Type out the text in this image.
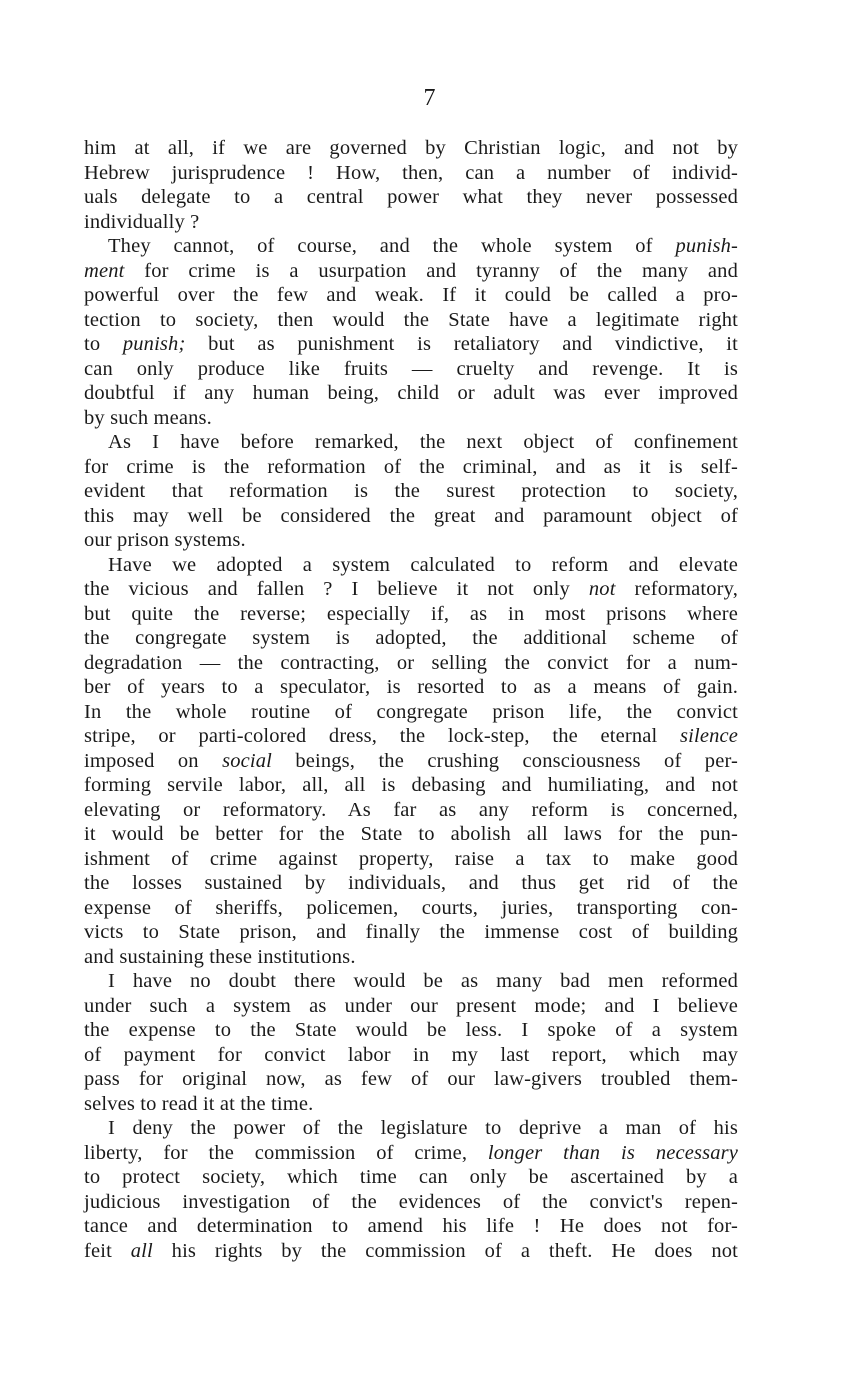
7

him at all, if we are governed by Christian logic, and not by
Hebrew jurisprudence ! How, then, can a number of individ-
uals delegate to a central power what they never possessed
individually ?

They cannot, of course, and the whole system of punish-
ment for crime is a usurpation and tyranny of the many and
powerful over the few and weak. If it could be called a pro-
tection to society, then would the State have a legitimate right
to punish; but as punishment is retaliatory and vindictive, it
can only produce like fruits — cruelty and revenge. It is
doubtful if any human being, child or adult was ever improved
by such means.

As I have before remarked, the next object of confinement
for crime is the reformation of the criminal, and as it is self-
evident that reformation is the surest protection to society,
this may well be considered the great and paramount object of
our prison systems.

Have we adopted a system calculated to reform and elevate
the vicious and fallen ? I believe it not only not reformatory,
but quite the reverse; especially if, as in most prisons where
the congregate system is adopted, the additional scheme of
degradation — the contracting, or selling the convict for a num-
ber of years to a speculator, is resorted to as a means of gain.
In the whole routine of congregate prison life, the convict
stripe, or parti-colored dress, the lock-step, the eternal silence
imposed on social beings, the crushing consciousness of per-
forming servile labor, all, all is debasing and humiliating, and not
elevating or reformatory. As far as any reform is concerned,
it would be better for the State to abolish all laws for the pun-
ishment of crime against property, raise a tax to make good
the losses sustained by individuals, and thus get rid of the
expense of sheriffs, policemen, courts, juries, transporting con-
victs to State prison, and finally the immense cost of building
and sustaining these institutions.

I have no doubt there would be as many bad men reformed
under such a system as under our present mode; and I believe
the expense to the State would be less. I spoke of a system
of payment for convict labor in my last report, which may
pass for original now, as few of our law-givers troubled them-
selves to read it at the time.

I deny the power of the legislature to deprive a man of his
liberty, for the commission of crime, longer than is necessary
to protect society, which time can only be ascertained by a
judicious investigation of the evidences of the convict's repen-
tance and determination to amend his life ! He does not for-
feit all his rights by the commission of a theft. He does not
